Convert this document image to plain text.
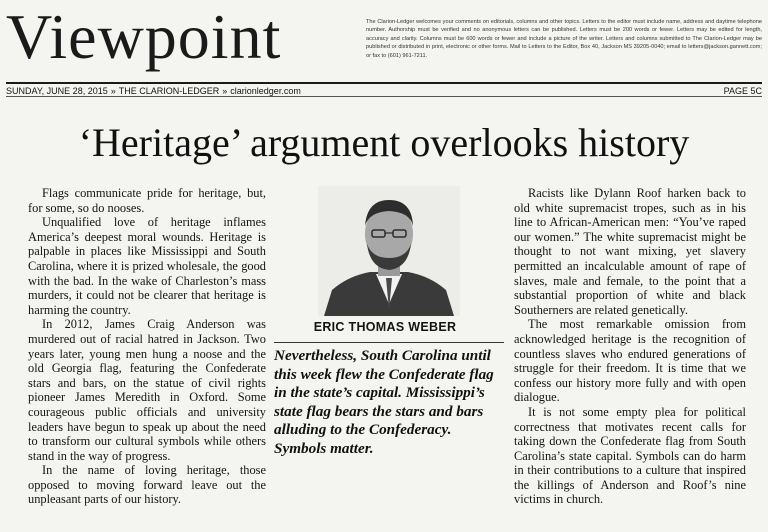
Viewpoint	The Clarion-Ledger welcomes your comments on editorials, columns and other topics. Letters to the editor must include name, address and daytime telephone number. Authorship must be verified and no anonymous letters can be published. Letters must be 200 words or fewer. Letters may be edited for length, accuracy and clarity. Columns must be 600 words or fewer and include a picture of the writer. Letters and columns submitted to The Clarion-Ledger may be published or distributed in print, electronic or other forms. Mail to Letters to the Editor, Box 40, Jackson MS 39205-0040; email to letters@jackson.gannett.com; or fax to (601) 961-7211.
SUNDAY, JUNE 28, 2015 » THE CLARION-LEDGER » clarionledger.com	PAGE 5C
‘Heritage’ argument overlooks history

Flags communicate pride for heritage, but, for some, so do nooses.

Unqualified love of heritage inflames America’s deepest moral wounds. Heritage is palpable in places like Mississippi and South Carolina, where it is prized wholesale, the good with the bad. In the wake of Charleston’s mass murders, it could not be clearer that heritage is harming the country.

In 2012, James Craig Anderson was murdered out of racial hatred in Jackson. Two years later, young men hung a noose and the old Georgia flag, featuring the Confederate stars and bars, on the statue of civil rights pioneer James Meredith in Oxford. Some courageous public officials and university leaders have begun to speak up about the need to transform our cultural symbols while others stand in the way of progress.

In the name of loving heritage, those opposed to moving forward leave out the unpleasant parts of our history.

ERIC THOMAS WEBER
Nevertheless, South Carolina until this week flew the Confederate flag in the state’s capital. Mississippi’s state flag bears the stars and bars alluding to the Confederacy. Symbols matter.

Racists like Dylann Roof harken back to old white supremacist tropes, such as in his line to African-American men: “You’ve raped our women.” The white supremacist might be thought to not want mixing, yet slavery permitted an incalculable amount of rape of slaves, male and female, to the point that a substantial proportion of white and black Southerners are related genetically.

The most remarkable omission from acknowledged heritage is the recognition of countless slaves who endured generations of struggle for their freedom. It is time that we confess our history more fully and with open dialogue.

It is not some empty plea for political correctness that motivates recent calls for taking down the Confederate flag from South Carolina’s state capital. Symbols can do harm in their contributions to a culture that inspired the killings of Anderson and Roof’s nine victims in church.
